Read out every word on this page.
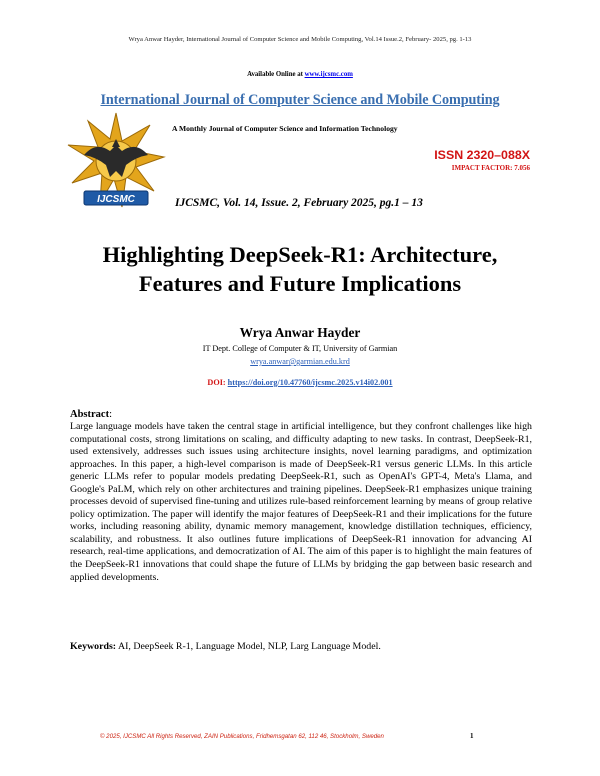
Wrya Anwar Hayder, International Journal of Computer Science and Mobile Computing, Vol.14 Issue.2, February- 2025, pg. 1-13
Available Online at www.ijcsmc.com
International Journal of Computer Science and Mobile Computing
IJCSMC
A Monthly Journal of Computer Science and Information Technology
ISSN 2320–088X
IMPACT FACTOR: 7.056
IJCSMC, Vol. 14, Issue. 2, February 2025, pg.1 – 13
Highlighting DeepSeek-R1: Architecture,
Features and Future Implications
Wrya Anwar Hayder
IT Dept. College of Computer & IT, University of Garmian
wrya.anwar@garmian.edu.krd
DOI: https://doi.org/10.47760/ijcsmc.2025.v14i02.001
Abstract:
Large language models have taken the central stage in artificial intelligence, but they confront challenges like high computational costs, strong limitations on scaling, and difficulty adapting to new tasks. In contrast, DeepSeek-R1, used extensively, addresses such issues using architecture insights, novel learning paradigms, and optimization approaches. In this paper, a high-level comparison is made of DeepSeek-R1 versus generic LLMs. In this article generic LLMs refer to popular models predating DeepSeek-R1, such as OpenAI's GPT-4, Meta's Llama, and Google's PaLM, which rely on other architectures and training pipelines. DeepSeek-R1 emphasizes unique training processes devoid of supervised fine-tuning and utilizes rule-based reinforcement learning by means of group relative policy optimization. The paper will identify the major features of DeepSeek-R1 and their implications for the future works, including reasoning ability, dynamic memory management, knowledge distillation techniques, efficiency, scalability, and robustness. It also outlines future implications of DeepSeek-R1 innovation for advancing AI research, real-time applications, and democratization of AI. The aim of this paper is to highlight the main features of the DeepSeek-R1 innovations that could shape the future of LLMs by bridging the gap between basic research and applied developments.
Keywords: AI, DeepSeek R-1, Language Model, NLP, Larg Language Model.
© 2025, IJCSMC All Rights Reserved, ZAIN Publications, Fridhemsgatan 62, 112 46, Stockholm, Sweden	1
